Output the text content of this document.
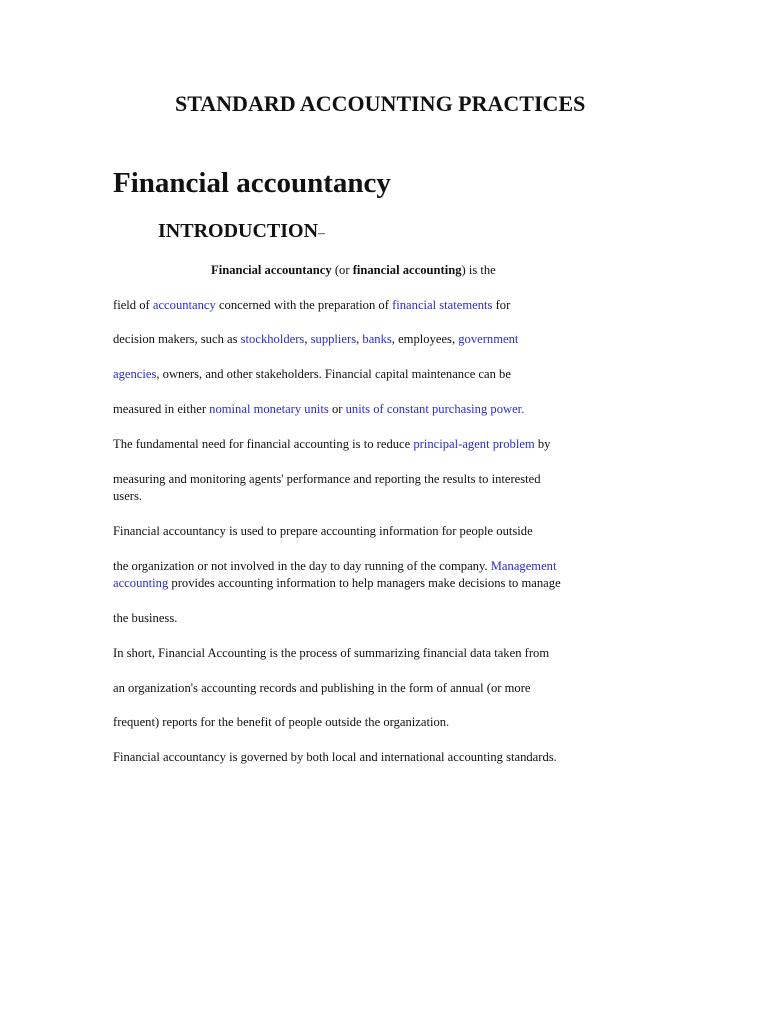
STANDARD ACCOUNTING PRACTICES
Financial accountancy
INTRODUCTION–
Financial accountancy (or financial accounting) is the
field of accountancy concerned with the preparation of financial statements for
decision makers, such as stockholders, suppliers, banks, employees, government
agencies, owners, and other stakeholders. Financial capital maintenance can be
measured in either nominal monetary units or units of constant purchasing power.
The fundamental need for financial accounting is to reduce principal-agent problem by
measuring and monitoring agents' performance and reporting the results to interested
users.
Financial accountancy is used to prepare accounting information for people outside
the organization or not involved in the day to day running of the company. Management
accounting provides accounting information to help managers make decisions to manage
the business.
In short, Financial Accounting is the process of summarizing financial data taken from
an organization's accounting records and publishing in the form of annual (or more
frequent) reports for the benefit of people outside the organization.
Financial accountancy is governed by both local and international accounting standards.
